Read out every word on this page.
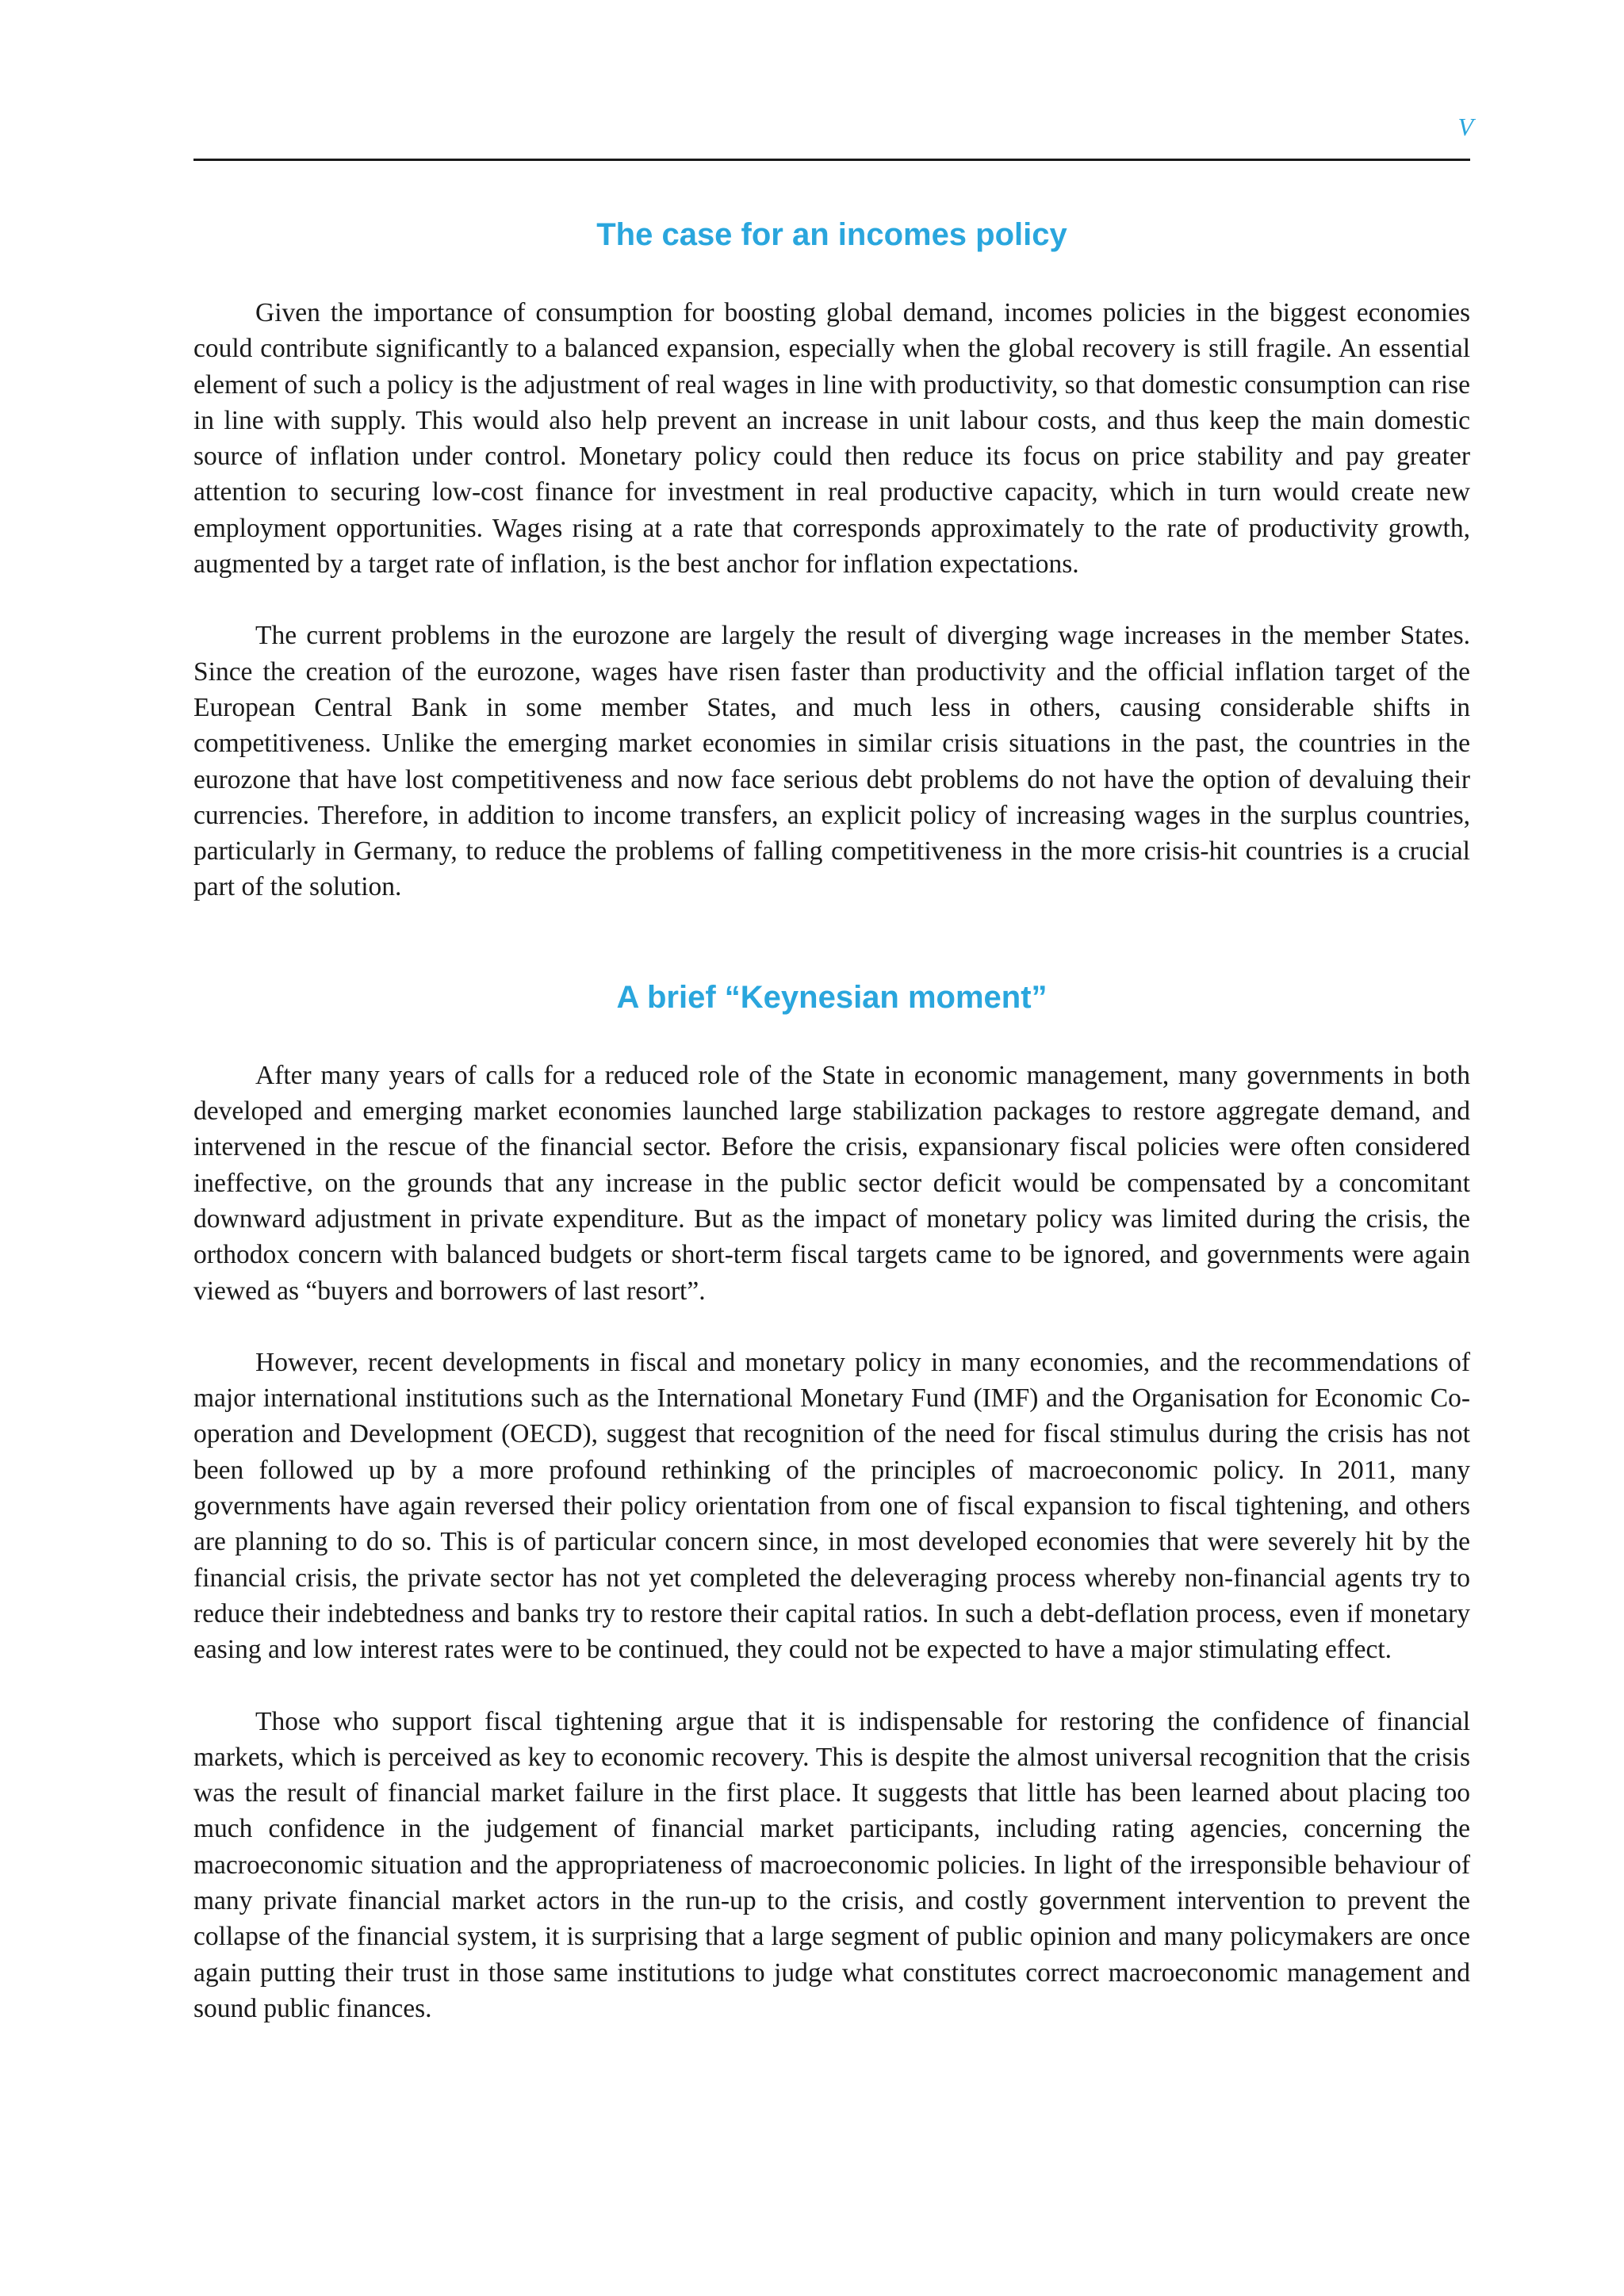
V
The case for an incomes policy

Given the importance of consumption for boosting global demand, incomes policies in the biggest economies could contribute significantly to a balanced expansion, especially when the global recovery is still fragile. An essential element of such a policy is the adjustment of real wages in line with productivity, so that domestic consumption can rise in line with supply. This would also help prevent an increase in unit labour costs, and thus keep the main domestic source of inflation under control. Monetary policy could then reduce its focus on price stability and pay greater attention to securing low-cost finance for investment in real productive capacity, which in turn would create new employment opportunities. Wages rising at a rate that corresponds approximately to the rate of productivity growth, augmented by a target rate of inflation, is the best anchor for inflation expectations.

The current problems in the eurozone are largely the result of diverging wage increases in the member States. Since the creation of the eurozone, wages have risen faster than productivity and the official inflation target of the European Central Bank in some member States, and much less in others, causing considerable shifts in competitiveness. Unlike the emerging market economies in similar crisis situations in the past, the countries in the eurozone that have lost competitiveness and now face serious debt problems do not have the option of devaluing their currencies. Therefore, in addition to income transfers, an explicit policy of increasing wages in the surplus countries, particularly in Germany, to reduce the problems of falling competitiveness in the more crisis-hit countries is a crucial part of the solution.

A brief “Keynesian moment”

After many years of calls for a reduced role of the State in economic management, many governments in both developed and emerging market economies launched large stabilization packages to restore aggregate demand, and intervened in the rescue of the financial sector. Before the crisis, expansionary fiscal policies were often considered ineffective, on the grounds that any increase in the public sector deficit would be compensated by a concomitant downward adjustment in private expenditure. But as the impact of monetary policy was limited during the crisis, the orthodox concern with balanced budgets or short-term fiscal targets came to be ignored, and governments were again viewed as “buyers and borrowers of last resort”.

However, recent developments in fiscal and monetary policy in many economies, and the recommendations of major international institutions such as the International Monetary Fund (IMF) and the Organisation for Economic Co-operation and Development (OECD), suggest that recognition of the need for fiscal stimulus during the crisis has not been followed up by a more profound rethinking of the principles of macroeconomic policy. In 2011, many governments have again reversed their policy orientation from one of fiscal expansion to fiscal tightening, and others are planning to do so. This is of particular concern since, in most developed economies that were severely hit by the financial crisis, the private sector has not yet completed the deleveraging process whereby non-financial agents try to reduce their indebtedness and banks try to restore their capital ratios. In such a debt-deflation process, even if monetary easing and low interest rates were to be continued, they could not be expected to have a major stimulating effect.

Those who support fiscal tightening argue that it is indispensable for restoring the confidence of financial markets, which is perceived as key to economic recovery. This is despite the almost universal recognition that the crisis was the result of financial market failure in the first place. It suggests that little has been learned about placing too much confidence in the judgement of financial market participants, including rating agencies, concerning the macroeconomic situation and the appropriateness of macroeconomic policies. In light of the irresponsible behaviour of many private financial market actors in the run-up to the crisis, and costly government intervention to prevent the collapse of the financial system, it is surprising that a large segment of public opinion and many policymakers are once again putting their trust in those same institutions to judge what constitutes correct macroeconomic management and sound public finances.
